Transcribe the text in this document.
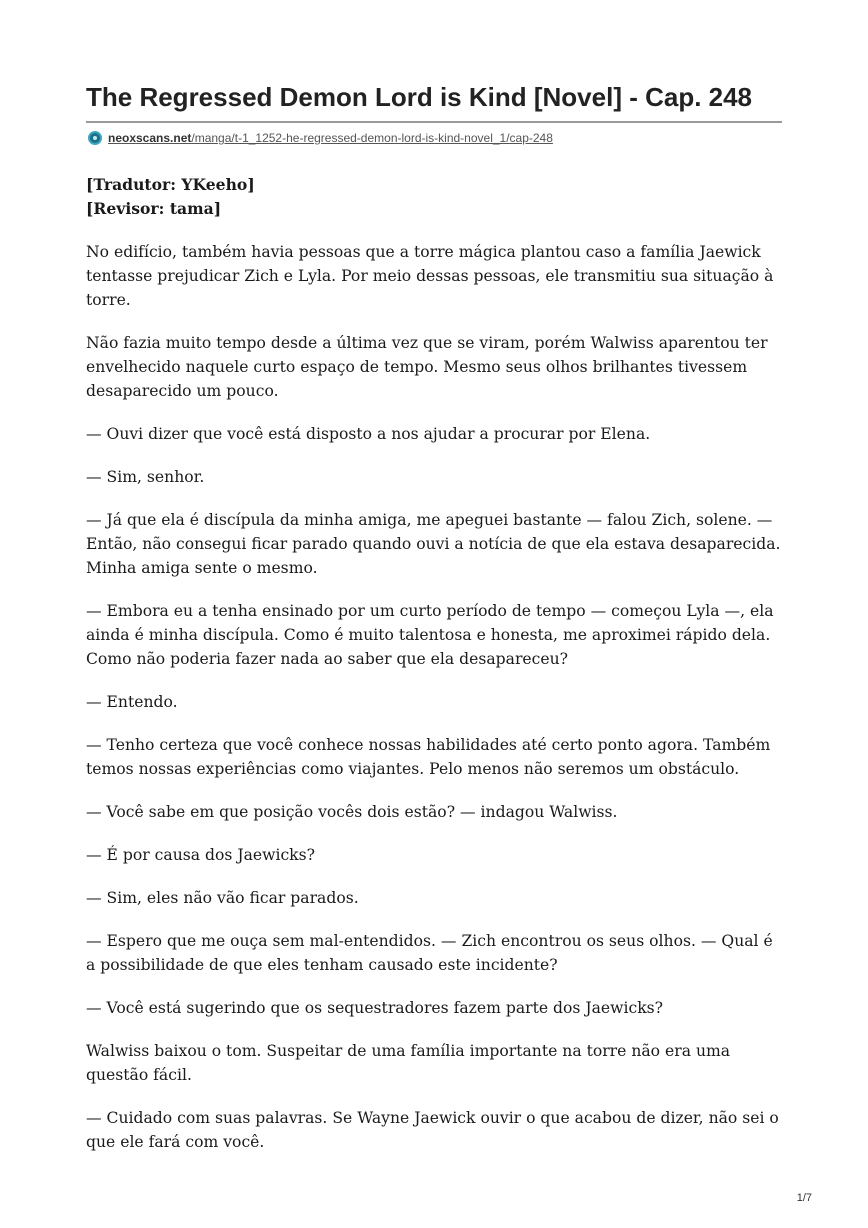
The Regressed Demon Lord is Kind [Novel] - Cap. 248
neoxscans.net/manga/t-1_1252-he-regressed-demon-lord-is-kind-novel_1/cap-248
[Tradutor: YKeeho]
[Revisor: tama]

No edifício, também havia pessoas que a torre mágica plantou caso a família Jaewick tentasse prejudicar Zich e Lyla. Por meio dessas pessoas, ele transmitiu sua situação à torre.

Não fazia muito tempo desde a última vez que se viram, porém Walwiss aparentou ter envelhecido naquele curto espaço de tempo. Mesmo seus olhos brilhantes tivessem desaparecido um pouco.

— Ouvi dizer que você está disposto a nos ajudar a procurar por Elena.

— Sim, senhor.

— Já que ela é discípula da minha amiga, me apeguei bastante — falou Zich, solene. — Então, não consegui ficar parado quando ouvi a notícia de que ela estava desaparecida. Minha amiga sente o mesmo.

— Embora eu a tenha ensinado por um curto período de tempo — começou Lyla —, ela ainda é minha discípula. Como é muito talentosa e honesta, me aproximei rápido dela. Como não poderia fazer nada ao saber que ela desapareceu?

— Entendo.

— Tenho certeza que você conhece nossas habilidades até certo ponto agora. Também temos nossas experiências como viajantes. Pelo menos não seremos um obstáculo.

— Você sabe em que posição vocês dois estão? — indagou Walwiss.

— É por causa dos Jaewicks?

— Sim, eles não vão ficar parados.

— Espero que me ouça sem mal-entendidos. — Zich encontrou os seus olhos. — Qual é a possibilidade de que eles tenham causado este incidente?

— Você está sugerindo que os sequestradores fazem parte dos Jaewicks?

Walwiss baixou o tom. Suspeitar de uma família importante na torre não era uma questão fácil.

— Cuidado com suas palavras. Se Wayne Jaewick ouvir o que acabou de dizer, não sei o que ele fará com você.

1/7
